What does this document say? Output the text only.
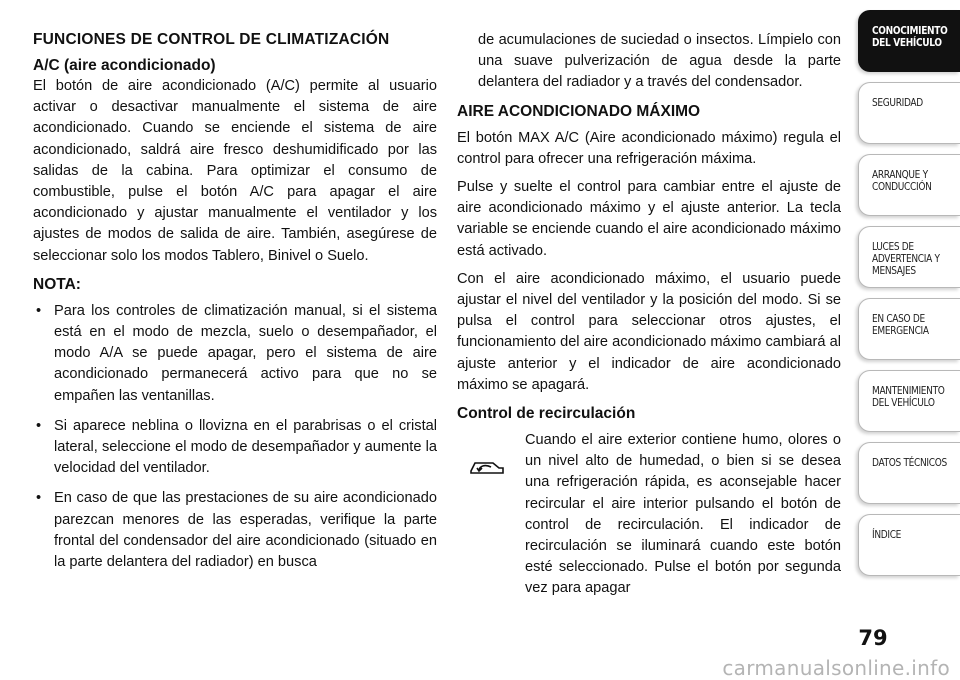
FUNCIONES DE CONTROL DE CLIMATIZACIÓN
A/C (aire acondicionado)

El botón de aire acondicionado (A/C) permite al usuario activar o desactivar manualmente el sistema de aire acondicionado. Cuando se enciende el sistema de aire acondicionado, saldrá aire fresco deshumidificado por las salidas de la cabina. Para optimizar el consumo de combustible, pulse el botón A/C para apagar el aire acondicionado y ajustar manualmente el ventilador y los ajustes de modos de salida de aire. También, asegúrese de seleccionar solo los modos Tablero, Binivel o Suelo.

NOTA:
• Para los controles de climatización manual, si el sistema está en el modo de mezcla, suelo o desempañador, el modo A/A se puede apagar, pero el sistema de aire acondicionado permanecerá activo para que no se empañen las ventanillas.
• Si aparece neblina o llovizna en el parabrisas o el cristal lateral, seleccione el modo de desempañador y aumente la velocidad del ventilador.
• En caso de que las prestaciones de su aire acondicionado parezcan menores de las esperadas, verifique la parte frontal del condensador del aire acondicionado (situado en la parte delantera del radiador) en busca
de acumulaciones de suciedad o insectos. Límpielo con una suave pulverización de agua desde la parte delantera del radiador y a través del condensador.
AIRE ACONDICIONADO MÁXIMO

El botón MAX A/C (Aire acondicionado máximo) regula el control para ofrecer una refrigeración máxima.

Pulse y suelte el control para cambiar entre el ajuste de aire acondicionado máximo y el ajuste anterior. La tecla variable se enciende cuando el aire acondicionado máximo está activado.

Con el aire acondicionado máximo, el usuario puede ajustar el nivel del ventilador y la posición del modo. Si se pulsa el control para seleccionar otros ajustes, el funcionamiento del aire acondicionado máximo cambiará al ajuste anterior y el indicador de aire acondicionado máximo se apagará.

Control de recirculación
Cuando el aire exterior contiene humo, olores o un nivel alto de humedad, o bien si se desea una refrigeración rápida, es aconsejable hacer recircular el aire interior pulsando el botón de control de recirculación. El indicador de recirculación se iluminará cuando este botón esté seleccionado. Pulse el botón por segunda vez para apagar
CONOCIMIENTO DEL VEHÍCULO
SEGURIDAD
ARRANQUE Y CONDUCCIÓN
LUCES DE ADVERTENCIA Y MENSAJES
EN CASO DE EMERGENCIA
MANTENIMIENTO DEL VEHÍCULO
DATOS TÉCNICOS
ÍNDICE
79
carmanualsonline.info
